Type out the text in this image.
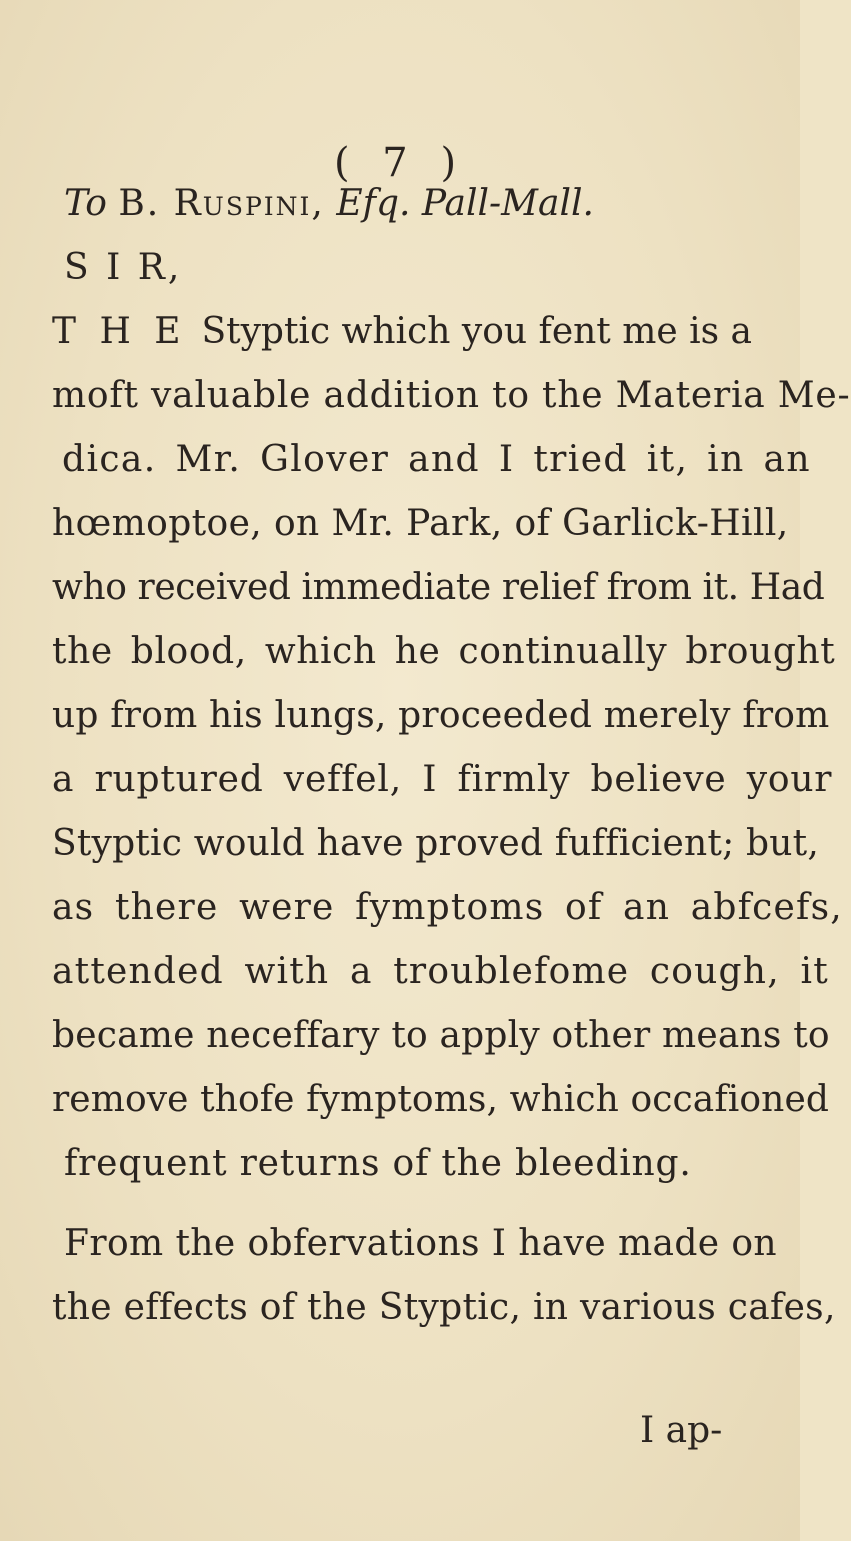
( 7 )
To B. Ruspini, Efq. Pall-Mall.
S I R,
T H E Styptic which you fent me is a
moft valuable addition to the Materia Me-
dica. Mr. Glover and I tried it, in an
hœmoptoe, on Mr. Park, of Garlick-Hill,
who received immediate relief from it. Had
the blood, which he continually brought
up from his lungs, proceeded merely from
a ruptured veffel, I firmly believe your
Styptic would have proved fufficient; but,
as there were fymptoms of an abfcefs,
attended with a troublefome cough, it
became neceffary to apply other means to
remove thofe fymptoms, which occafioned
frequent returns of the bleeding.
From the obfervations I have made on
the effects of the Styptic, in various cafes,
I ap-
